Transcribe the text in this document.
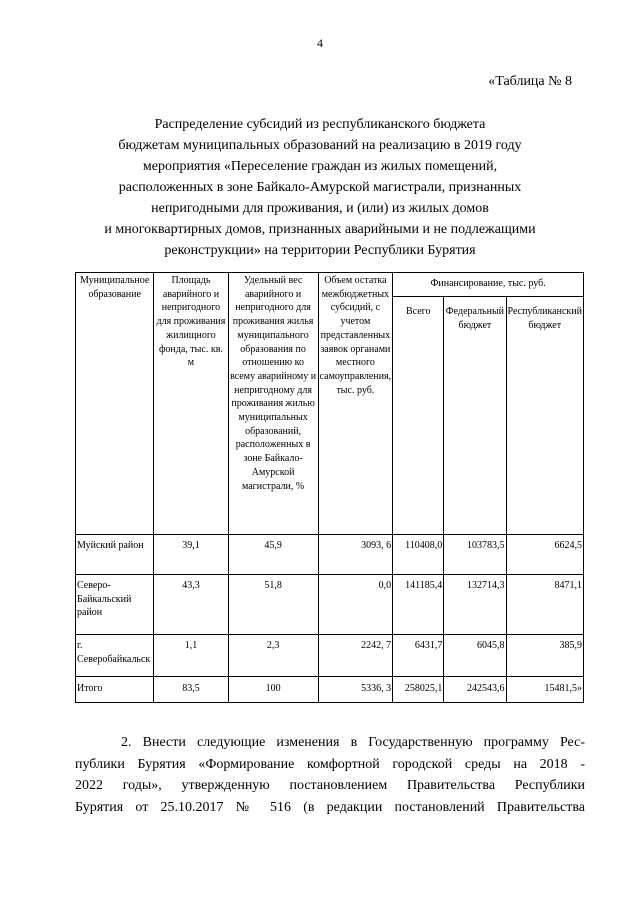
4
«Таблица № 8
Распределение субсидий из республиканского бюджета
бюджетам муниципальных образований на реализацию в 2019 году
мероприятия «Переселение граждан из жилых помещений,
расположенных в зоне Байкало-Амурской магистрали, признанных
непригодными для проживания, и (или) из жилых домов
и многоквартирных домов, признанных аварийными и не подлежащими
реконструкции» на территории Республики Бурятия
Муниципальное образование	Площадь аварийного и непригодного для проживания жилищного фонда, тыс. кв. м	Удельный вес аварийного и непригодного для проживания жилья муниципального образования по отношению ко всему аварийному и непригодному для проживания жилью муниципальных образований, расположенных в зоне Байкало-Амурской магистрали, %	Объем остатка межбюджетных субсидий, с учетом представленных заявок органами местного самоуправления, тыс. руб.	Финансирование, тыс. руб.		
				Всего	Федеральный бюджет	Республиканский бюджет
Муйский район	39,1	45,9	3093, 6	110408,0	103783,5	6624,5
Северо-Байкальский район	43,3	51,8	0,0	141185,4	132714,3	8471,1
г. Северобайкальск	1,1	2,3	2242, 7	6431,7	6045,8	385,9
Итого	83,5	100	5336, 3	258025,1	242543,6	15481,5»
2. Внести следующие изменения в Государственную программу Рес-
публики Бурятия «Формирование комфортной городской среды на 2018 -
2022 годы», утвержденную постановлением Правительства Республики
Бурятия от 25.10.2017 № 516 (в редакции постановлений Правительства
